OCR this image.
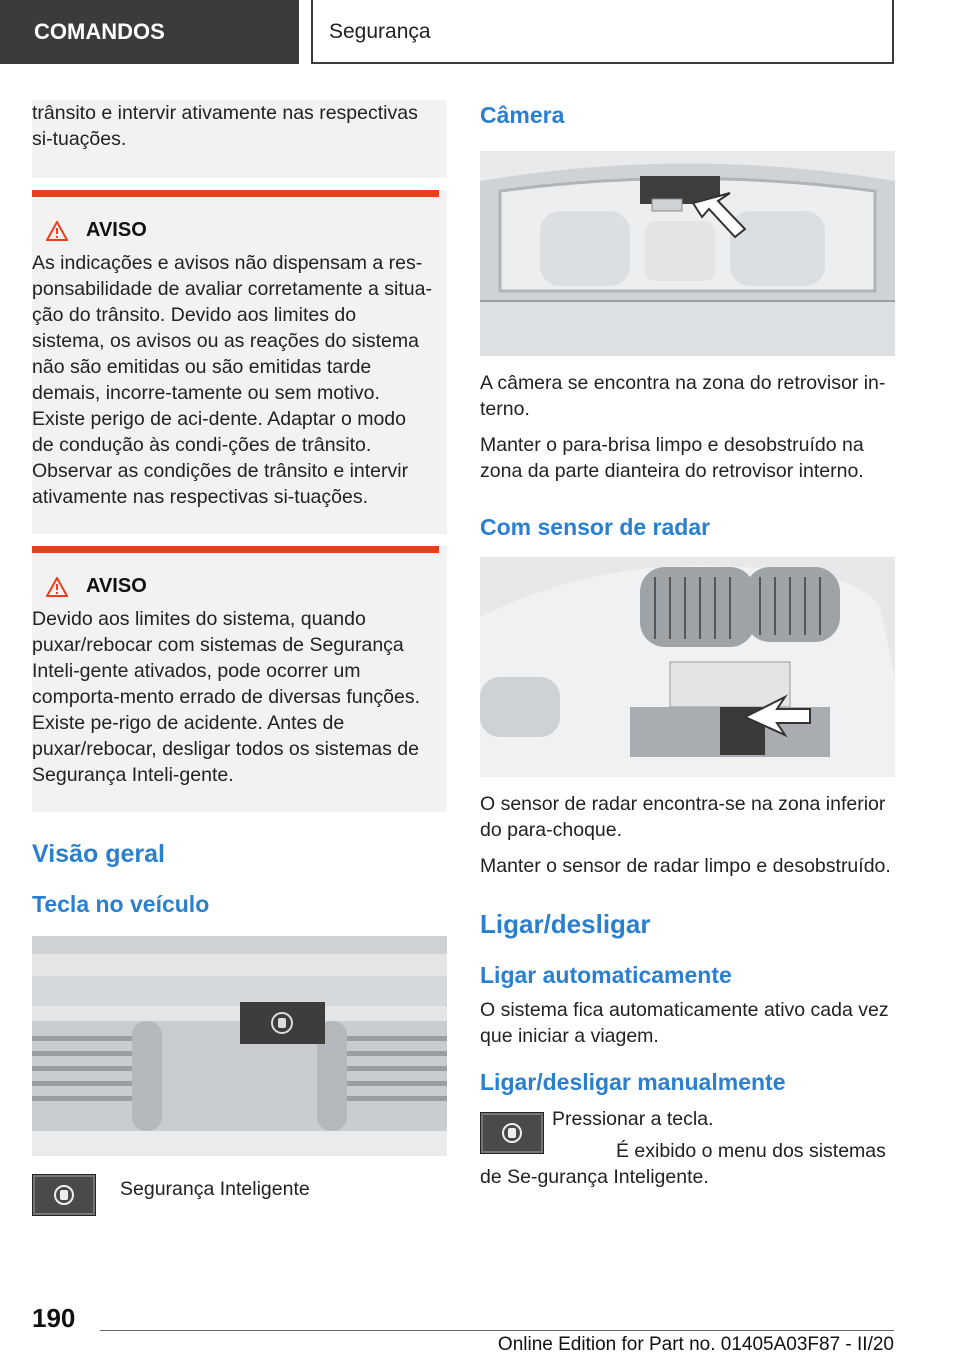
COMANDOS	Segurança

trânsito e intervir ativamente nas respectivas si-tuações.

AVISO

As indicações e avisos não dispensam a res-ponsabilidade de avaliar corretamente a situa-ção do trânsito. Devido aos limites do sistema, os avisos ou as reações do sistema não são emitidas ou são emitidas tarde demais, incorre-tamente ou sem motivo. Existe perigo de aci-dente. Adaptar o modo de condução às condi-ções de trânsito. Observar as condições de trânsito e intervir ativamente nas respectivas si-tuações.

AVISO

Devido aos limites do sistema, quando puxar/rebocar com sistemas de Segurança Inteli-gente ativados, pode ocorrer um comporta-mento errado de diversas funções. Existe pe-rigo de acidente. Antes de puxar/rebocar, desligar todos os sistemas de Segurança Inteli-gente.

Visão geral
Tecla no veículo

Segurança Inteligente

Câmera

A câmera se encontra na zona do retrovisor in-terno.

Manter o para-brisa limpo e desobstruído na zona da parte dianteira do retrovisor interno.

Com sensor de radar

O sensor de radar encontra-se na zona inferior do para-choque.

Manter o sensor de radar limpo e desobstruído.

Ligar/desligar
Ligar automaticamente

O sistema fica automaticamente ativo cada vez que iniciar a viagem.

Ligar/desligar manualmente

Pressionar a tecla.

É exibido o menu dos sistemas de Se-gurança Inteligente.

190
Online Edition for Part no. 01405A03F87 - II/20
